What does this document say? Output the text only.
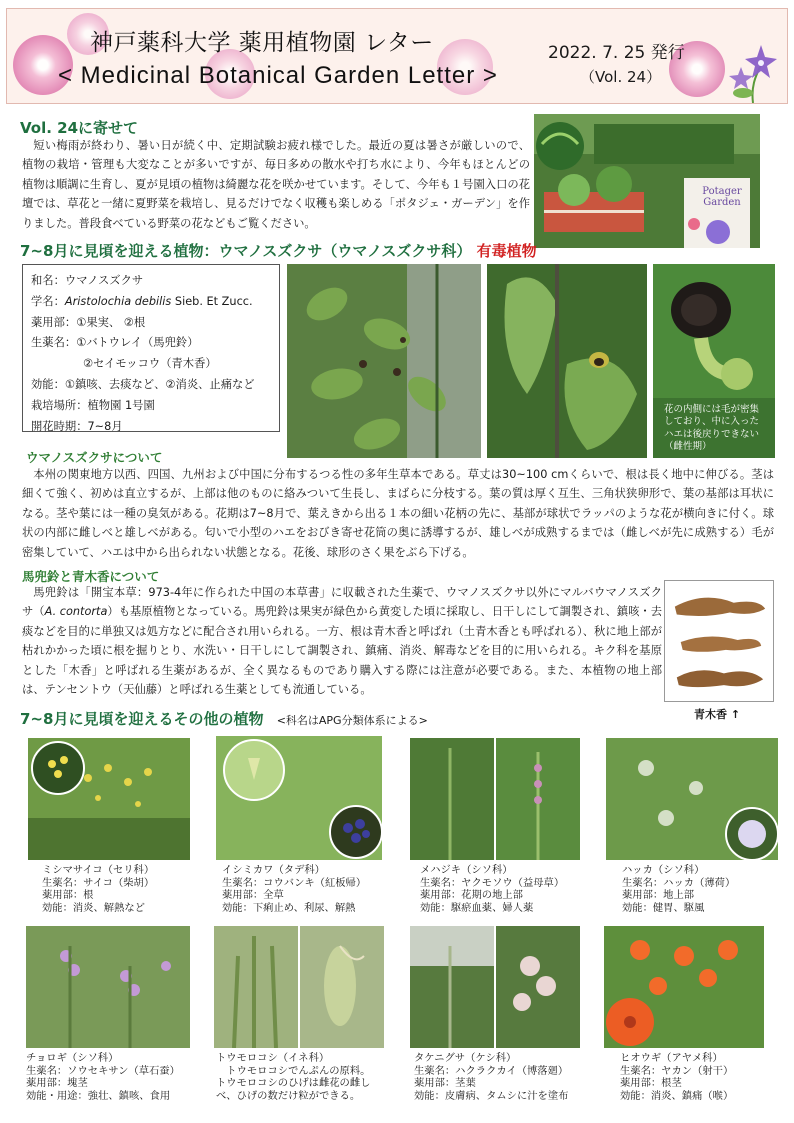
神戸薬科大学 薬用植物園 レター
< Medicinal Botanical Garden Letter >
2022. 7. 25 発行
（Vol. 24）
Vol. 24に寄せて

短い梅雨が終わり、暑い日が続く中、定期試験お疲れ様でした。最近の夏は暑さが厳しいので、植物の栽培・管理も大変なことが多いですが、毎日多めの散水や打ち水により、今年もほとんどの植物は順調に生育し、夏が見頃の植物は綺麗な花を咲かせています。そして、今年も１号園入口の花壇では、草花と一緒に夏野菜を栽培し、見るだけでなく収穫も楽しめる「ポタジェ・ガーデン」を作りました。普段食べている野菜の花などもご覧ください。

Potager Garden
7~8月に見頃を迎える植物：ウマノスズクサ（ウマノスズクサ科） 有毒植物
和名：ウマノスズクサ
学名：Aristolochia debilis Sieb. Et Zucc.
薬用部：①果実、 ②根
生薬名：①バトウレイ（馬兜鈴）
②セイモッコウ（青木香）
効能：①鎮咳、去痰など、②消炎、止痛など
栽培場所：植物園 1号園
開花時期：7~8月
花の内側には毛が密集しており、中に入ったハエは後戻りできない（雌性期）
ウマノスズクサについて

本州の関東地方以西、四国、九州および中国に分布するつる性の多年生草本である。草丈は30~100 cmくらいで、根は長く地中に伸びる。茎は細くて強く、初めは直立するが、上部は他のものに絡みついて生長し、まばらに分枝する。葉の質は厚く互生、三角状狭卵形で、葉の基部は耳状になる。茎や葉には一種の臭気がある。花期は7~8月で、葉えきから出る１本の細い花柄の先に、基部が球状でラッパのような花が横向きに付く。球状の内部に雌しべと雄しべがある。匂いで小型のハエをおびき寄せ花筒の奥に誘導するが、雄しべが成熟するまでは（雌しべが先に成熟する）毛が密集していて、ハエは中から出られない状態となる。花後、球形のさく果をぶら下げる。

馬兜鈴と青木香について

馬兜鈴は「開宝本草：973-4年に作られた中国の本草書」に収載された生薬で、ウマノスズクサ以外にマルバウマノスズクサ（A. contorta）も基原植物となっている。馬兜鈴は果実が緑色から黄変した頃に採取し、日干しにして調製され、鎮咳・去痰などを目的に単独又は処方などに配合され用いられる。一方、根は青木香と呼ばれ（土青木香とも呼ばれる）、秋に地上部が枯れかかった頃に根を掘りとり、水洗い・日干しにして調製され、鎮痛、消炎、解毒などを目的に用いられる。キク科を基原とした「木香」と呼ばれる生薬があるが、全く異なるものであり購入する際には注意が必要である。また、本植物の地上部は、テンセントウ（天仙藤）と呼ばれる生薬としても流通している。

青木香 ↑
7~8月に見頃を迎えるその他の植物 <科名はAPG分類体系による>
ミシマサイコ（セリ科）
生薬名：サイコ（柴胡）
薬用部：根
効能：消炎、解熱など
イシミカワ（タデ科）
生薬名：コウバンキ（紅板帰）
薬用部：全草
効能：下痢止め、利尿、解熱
メハジキ（シソ科）
生薬名：ヤクモソウ（益母草）
薬用部：花期の地上部
効能：駆瘀血薬、婦人薬
ハッカ（シソ科）
生薬名：ハッカ（薄荷）
薬用部：地上部
効能：健胃、駆風
チョロギ（シソ科）
生薬名：ソウセキサン（草石蚕）
薬用部：塊茎
効能・用途：強壮、鎮咳、食用
トウモロコシ（イネ科）
トウモロコシでんぷんの原料。
トウモロコシのひげは雌花の雌し
べ、ひげの数だけ粒ができる。
タケニグサ（ケシ科）
生薬名：ハクラクカイ（博落廻）
薬用部：茎葉
効能：皮膚病、タムシに汁を塗布
ヒオウギ（アヤメ科）
生薬名：ヤカン（射干）
薬用部：根茎
効能：消炎、鎮痛（喉）
